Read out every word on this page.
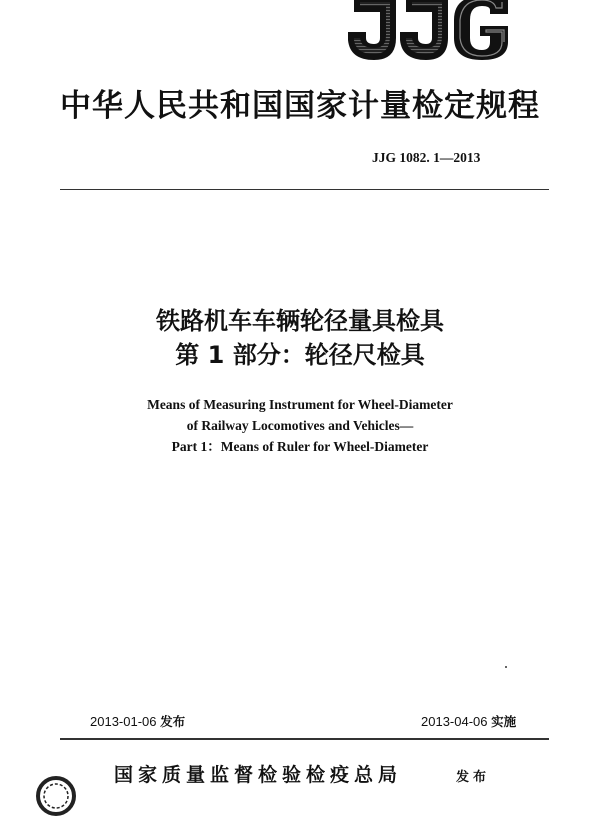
中华人民共和国国家计量检定规程
JJG 1082. 1—2013
铁路机车车辆轮径量具检具
第 1 部分：轮径尺检具
Means of Measuring Instrument for Wheel-Diameter
of Railway Locomotives and Vehicles—
Part 1：Means of Ruler for Wheel-Diameter
2013-01-06 发布	2013-04-06 实施
国家质量监督检验检疫总局	发布
